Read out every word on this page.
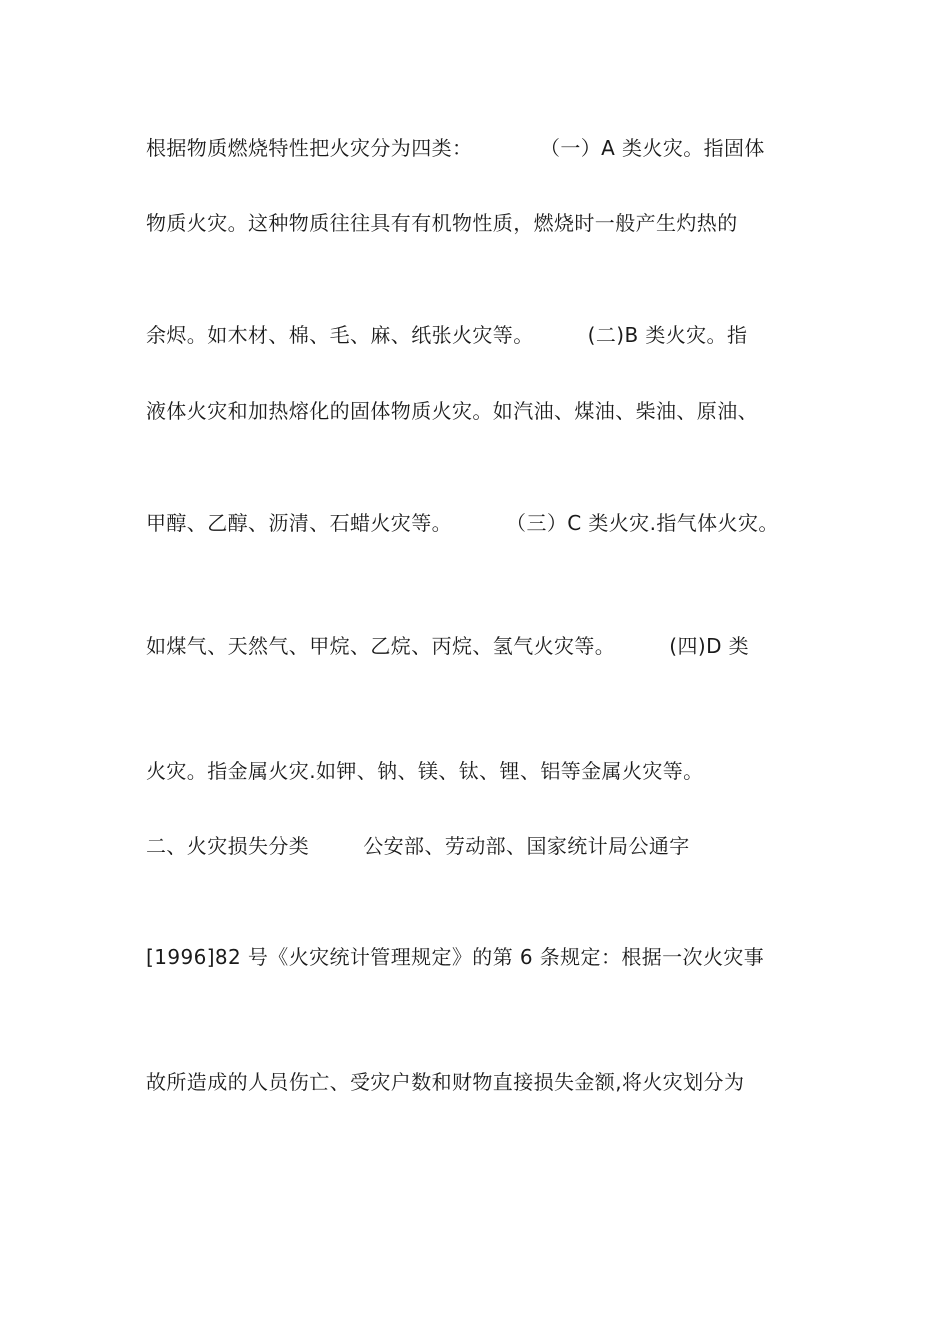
根据物质燃烧特性把火灾分为四类：          （一）A 类火灾。指固体
物质火灾。这种物质往往具有有机物性质，燃烧时一般产生灼热的
余烬。如木材、棉、毛、麻、纸张火灾等。        (二)B 类火灾。指
液体火灾和加热熔化的固体物质火灾。如汽油、煤油、柴油、原油、
甲醇、乙醇、沥清、石蜡火灾等。        （三）C 类火灾.指气体火灾。
如煤气、天然气、甲烷、乙烷、丙烷、氢气火灾等。        (四)D 类
火灾。指金属火灾.如钾、钠、镁、钛、锂、铝等金属火灾等。
二、火灾损失分类        公安部、劳动部、国家统计局公通字
[1996]82 号《火灾统计管理规定》的第 6 条规定：根据一次火灾事
故所造成的人员伤亡、受灾户数和财物直接损失金额,将火灾划分为
